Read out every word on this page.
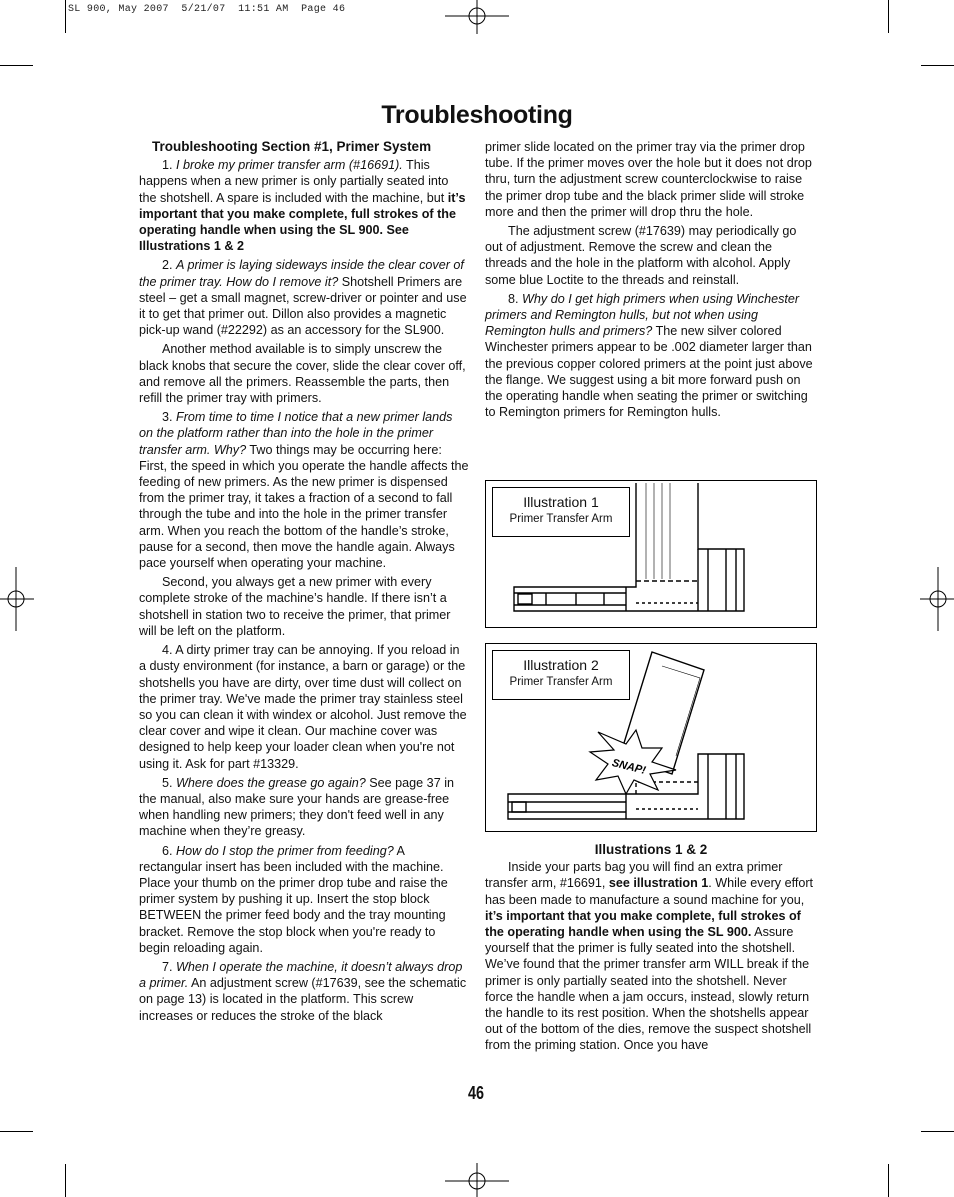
SL 900, May 2007  5/21/07  11:51 AM  Page 46
Troubleshooting
Troubleshooting Section #1, Primer System

1. I broke my primer transfer arm (#16691). This happens when a new primer is only partially seated into the shotshell. A spare is included with the machine, but it’s important that you make complete, full strokes of the operating handle when using the SL 900. See Illustrations 1 & 2

2. A primer is laying sideways inside the clear cover of the primer tray. How do I remove it? Shotshell Primers are steel – get a small magnet, screw-driver or pointer and use it to get that primer out. Dillon also provides a magnetic pick-up wand (#22292) as an accessory for the SL900.

Another method available is to simply unscrew the black knobs that secure the cover, slide the clear cover off, and remove all the primers. Reassemble the parts, then refill the primer tray with primers.

3. From time to time I notice that a new primer lands on the platform rather than into the hole in the primer transfer arm. Why? Two things may be occurring here: First, the speed in which you operate the handle affects the feeding of new primers. As the new primer is dispensed from the primer tray, it takes a fraction of a second to fall through the tube and into the hole in the primer transfer arm. When you reach the bottom of the handle’s stroke, pause for a second, then move the handle again. Always pace yourself when operating your machine.

Second, you always get a new primer with every complete stroke of the machine’s handle. If there isn’t a shotshell in station two to receive the primer, that primer will be left on the platform.

4. A dirty primer tray can be annoying. If you reload in a dusty environment (for instance, a barn or garage) or the shotshells you have are dirty, over time dust will collect on the primer tray. We've made the primer tray stainless steel so you can clean it with windex or alcohol. Just remove the clear cover and wipe it clean. Our machine cover was designed to help keep your loader clean when you're not using it. Ask for part #13329.

5. Where does the grease go again? See page 37 in the manual, also make sure your hands are grease-free when handling new primers; they don't feed well in any machine when they’re greasy.

6. How do I stop the primer from feeding? A rectangular insert has been included with the machine. Place your thumb on the primer drop tube and raise the primer system by pushing it up. Insert the stop block BETWEEN the primer feed body and the tray mounting bracket. Remove the stop block when you're ready to begin reloading again.

7. When I operate the machine, it doesn’t always drop a primer. An adjustment screw (#17639, see the schematic on page 13) is located in the platform. This screw increases or reduces the stroke of the black

primer slide located on the primer tray via the primer drop tube. If the primer moves over the hole but it does not drop thru, turn the adjustment screw counterclockwise to raise the primer drop tube and the black primer slide will stroke more and then the primer will drop thru the hole.

The adjustment screw (#17639) may periodically go out of adjustment. Remove the screw and clean the threads and the hole in the platform with alcohol. Apply some blue Loctite to the threads and reinstall.

8. Why do I get high primers when using Winchester primers and Remington hulls, but not when using Remington hulls and primers? The new silver colored Winchester primers appear to be .002 diameter larger than the previous copper colored primers at the point just above the flange. We suggest using a bit more forward push on the operating handle when seating the primer or switching to Remington primers for Remington hulls.

Illustration 1
Primer Transfer Arm
SNAP!
Illustration 2
Primer Transfer Arm
Illustrations 1 & 2

Inside your parts bag you will find an extra primer transfer arm, #16691, see illustration 1. While every effort has been made to manufacture a sound machine for you, it’s important that you make complete, full strokes of the operating handle when using the SL 900. Assure yourself that the primer is fully seated into the shotshell. We’ve found that the primer transfer arm WILL break if the primer is only partially seated into the shotshell. Never force the handle when a jam occurs, instead, slowly return the handle to its rest position. When the shotshells appear out of the bottom of the dies, remove the suspect shotshell from the priming station. Once you have

46
